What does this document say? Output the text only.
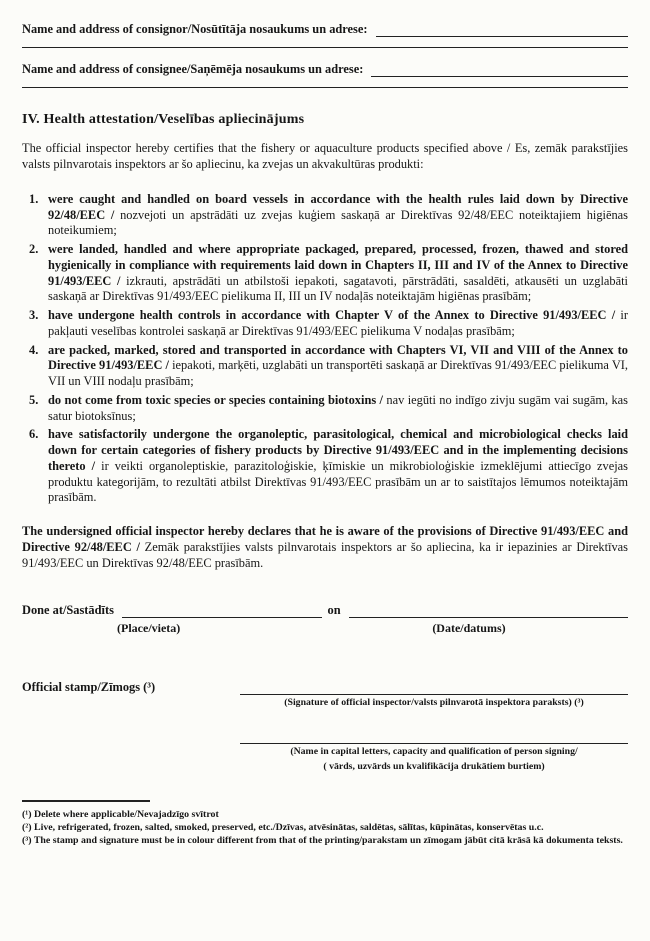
Name and address of consignor/Nosūtītāja nosaukums un adrese:
Name and address of consignee/Saņēmēja nosaukums un adrese:
IV. Health attestation/Veselības apliecinājums

The official inspector hereby certifies that the fishery or aquaculture products specified above / Es, zemāk parakstījies valsts pilnvarotais inspektors ar šo apliecinu, ka zvejas un akvakultūras produkti:

1. were caught and handled on board vessels in accordance with the health rules laid down by Directive 92/48/EEC / nozvejoti un apstrādāti uz zvejas kuģiem saskaņā ar Direktīvas 92/48/EEC noteiktajiem higiēnas noteikumiem;
2. were landed, handled and where appropriate packaged, prepared, processed, frozen, thawed and stored hygienically in compliance with requirements laid down in Chapters II, III and IV of the Annex to Directive 91/493/EEC / izkrauti, apstrādāti un atbilstoši iepakoti, sagatavoti, pārstrādāti, sasaldēti, atkausēti un uzglabāti saskaņā ar Direktīvas 91/493/EEC pielikuma II, III un IV nodaļās noteiktajām higiēnas prasībām;
3. have undergone health controls in accordance with Chapter V of the Annex to Directive 91/493/EEC / ir pakļauti veselības kontrolei saskaņā ar Direktīvas 91/493/EEC pielikuma V nodaļas prasībām;
4. are packed, marked, stored and transported in accordance with Chapters VI, VII and VIII of the Annex to Directive 91/493/EEC / iepakoti, marķēti, uzglabāti un transportēti saskaņā ar Direktīvas 91/493/EEC pielikuma VI, VII un VIII nodaļu prasībām;
5. do not come from toxic species or species containing biotoxins / nav iegūti no indīgo zivju sugām vai sugām, kas satur biotoksīnus;
6. have satisfactorily undergone the organoleptic, parasitological, chemical and microbiological checks laid down for certain categories of fishery products by Directive 91/493/EEC and in the implementing decisions thereto / ir veikti organoleptiskie, parazitoloģiskie, ķīmiskie un mikrobioloģiskie izmeklējumi attiecīgo zvejas produktu kategorijām, to rezultāti atbilst Direktīvas 91/493/EEC prasībām un ar to saistītajos lēmumos noteiktajām prasībām.

The undersigned official inspector hereby declares that he is aware of the provisions of Directive 91/493/EEC and Directive 92/48/EEC / Zemāk parakstījies valsts pilnvarotais inspektors ar šo apliecina, ka ir iepazinies ar Direktīvas 91/493/EEC un Direktīvas 92/48/EEC prasībām.

Done at/Sastādīts	on
(Place/vieta)	(Date/datums)
Official stamp/Zīmogs (³)
(Signature of official inspector/valsts pilnvarotā inspektora paraksts) (³)
(Name in capital letters, capacity and qualification of person signing/
( vārds, uzvārds un kvalifikācija drukātiem burtiem)
(¹) Delete where applicable/Nevajadzīgo svītrot
(²) Live, refrigerated, frozen, salted, smoked, preserved, etc./Dzīvas, atvēsinātas, saldētas, sālītas, kūpinātas, konservētas u.c.
(³) The stamp and signature must be in colour different from that of the printing/parakstam un zīmogam jābūt citā krāsā kā dokumenta teksts.
